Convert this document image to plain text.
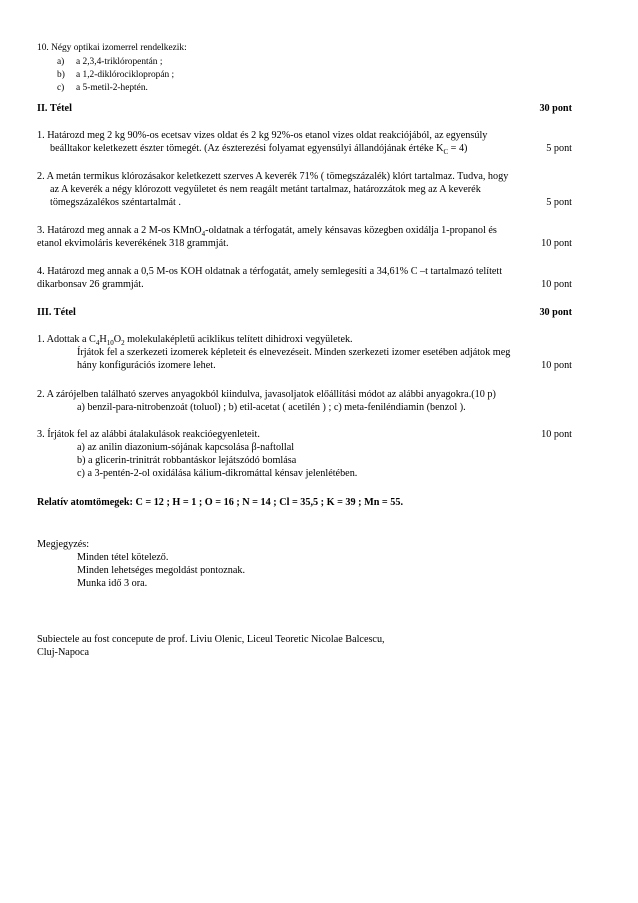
10. Négy optikai izomerrel rendelkezik:
a)	a 2,3,4-triklóropentán ;
b)	a 1,2-diklórociklopropán ;
c)	a 5-metil-2-heptén.
II. Tétel	30 pont
1. Határozd meg 2 kg 90%-os ecetsav vizes oldat és 2 kg 92%-os etanol vizes oldat reakciójából, az egyensúly
beálltakor keletkezett észter tömegét. (Az észterezési folyamat egyensúlyi állandójának értéke $K_C = 4$)	5 pont
2. A metán termikus klórozásakor keletkezett szerves A keverék 71% ( tömegszázalék) klórt tartalmaz. Tudva, hogy
az A keverék a négy klórozott vegyületet és nem reagált metánt tartalmaz, határozzátok meg az A keverék
tömegszázalékos széntartalmát .	5 pont
3. Határozd meg annak a 2 M-os KMnO$_4$-oldatnak a térfogatát, amely kénsavas közegben oxidálja 1-propanol és
etanol ekvimoláris keverékének 318 grammját.	10 pont
4. Határozd meg annak a 0,5 M-os KOH oldatnak a térfogatát, amely semlegesíti a 34,61% C –t tartalmazó telített
dikarbonsav 26 grammját.	10 pont
III. Tétel	30 pont
1. Adottak a $C_4H_{10}O_2$ molekulaképletű aciklikus telített dihidroxi vegyületek.
Írjátok fel a szerkezeti izomerek képleteit és elnevezéseit. Minden szerkezeti izomer esetében adjátok meg
hány konfigurációs izomere lehet.	10 pont
2. A zárójelben található szerves anyagokból kiindulva, javasoljatok előállítási módot az alábbi anyagokra.(10 p)
a) benzil-para-nitrobenzoát (toluol) ; b) etil-acetat ( acetilén ) ; c) meta-feniléndiamin (benzol ).
3. Írjátok fel az alábbi átalakulások reakcióegyenleteit.	10 pont
a) az anilin diazonium-sójának kapcsolása β-naftollal
b) a glicerin-trinitrát robbantáskor lejátszódó bomlása
c) a 3-pentén-2-ol oxidálása kálium-dikromáttal kénsav jelenlétében.
Relatív atomtömegek: C = 12 ; H = 1 ; O = 16 ; N = 14 ; Cl = 35,5 ; K = 39 ; Mn = 55.
Megjegyzés:
Minden tétel kötelező.
Minden lehetséges megoldást pontoznak.
Munka idő 3 ora.
Subiectele au fost concepute de prof. Liviu Olenic, Liceul Teoretic Nicolae Balcescu,
Cluj-Napoca
